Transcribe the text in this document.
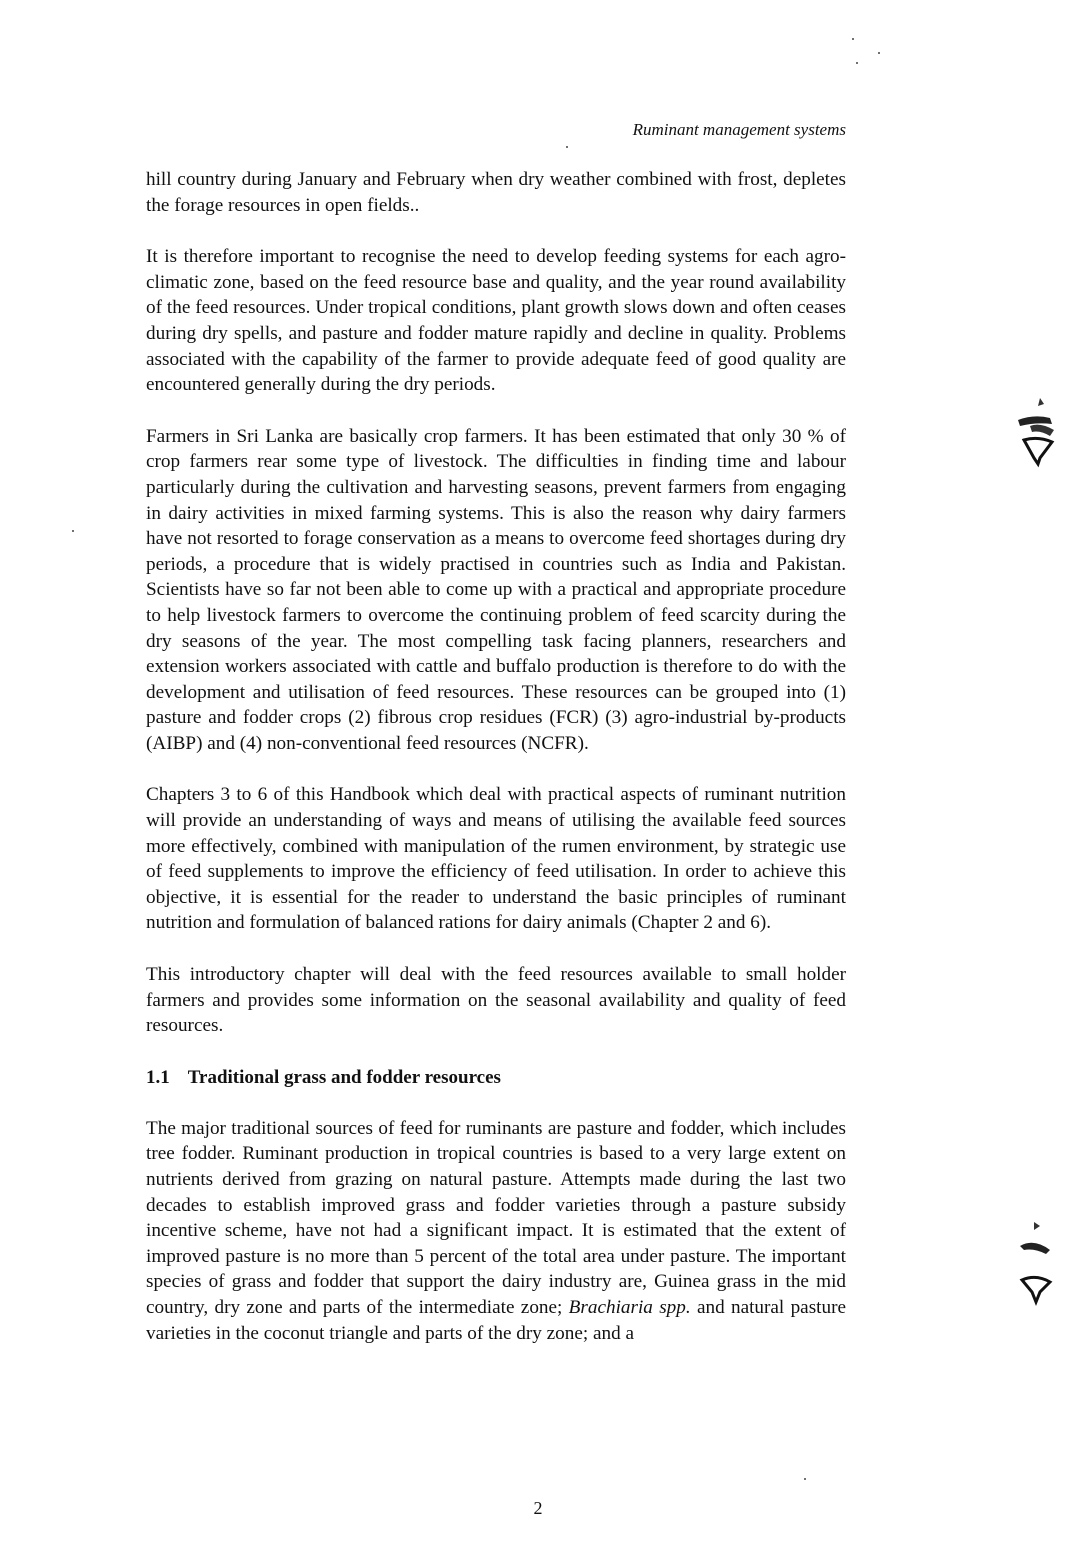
Ruminant management systems

hill country during January and February when dry weather combined with frost, depletes the forage resources in open fields..

It is therefore important to recognise the need to develop feeding systems for each agro-climatic zone, based on the feed resource base and quality, and the year round availability of the feed resources. Under tropical conditions, plant growth slows down and often ceases during dry spells, and pasture and fodder mature rapidly and decline in quality. Problems associated with the capability of the farmer to provide adequate feed of good quality are encountered generally during the dry periods.

Farmers in Sri Lanka are basically crop farmers. It has been estimated that only 30 % of crop farmers rear some type of livestock. The difficulties in finding time and labour particularly during the cultivation and harvesting seasons, prevent farmers from engaging in dairy activities in mixed farming systems. This is also the reason why dairy farmers have not resorted to forage conservation as a means to overcome feed shortages during dry periods, a procedure that is widely practised in countries such as India and Pakistan. Scientists have so far not been able to come up with a practical and appropriate procedure to help livestock farmers to overcome the continuing problem of feed scarcity during the dry seasons of the year. The most compelling task facing planners, researchers and extension workers associated with cattle and buffalo production is therefore to do with the development and utilisation of feed resources. These resources can be grouped into (1) pasture and fodder crops (2) fibrous crop residues (FCR) (3) agro-industrial by-products (AIBP) and (4) non-conventional feed resources (NCFR).

Chapters 3 to 6 of this Handbook which deal with practical aspects of ruminant nutrition will provide an understanding of ways and means of utilising the available feed sources more effectively, combined with manipulation of the rumen environment, by strategic use of feed supplements to improve the efficiency of feed utilisation. In order to achieve this objective, it is essential for the reader to understand the basic principles of ruminant nutrition and formulation of balanced rations for dairy animals (Chapter 2 and 6).

This introductory chapter will deal with the feed resources available to small holder farmers and provides some information on the seasonal availability and quality of feed resources.

1.1 Traditional grass and fodder resources

The major traditional sources of feed for ruminants are pasture and fodder, which includes tree fodder. Ruminant production in tropical countries is based to a very large extent on nutrients derived from grazing on natural pasture. Attempts made during the last two decades to establish improved grass and fodder varieties through a pasture subsidy incentive scheme, have not had a significant impact. It is estimated that the extent of improved pasture is no more than 5 percent of the total area under pasture. The important species of grass and fodder that support the dairy industry are, Guinea grass in the mid country, dry zone and parts of the intermediate zone; Brachiaria spp. and natural pasture varieties in the coconut triangle and parts of the dry zone; and a

2
